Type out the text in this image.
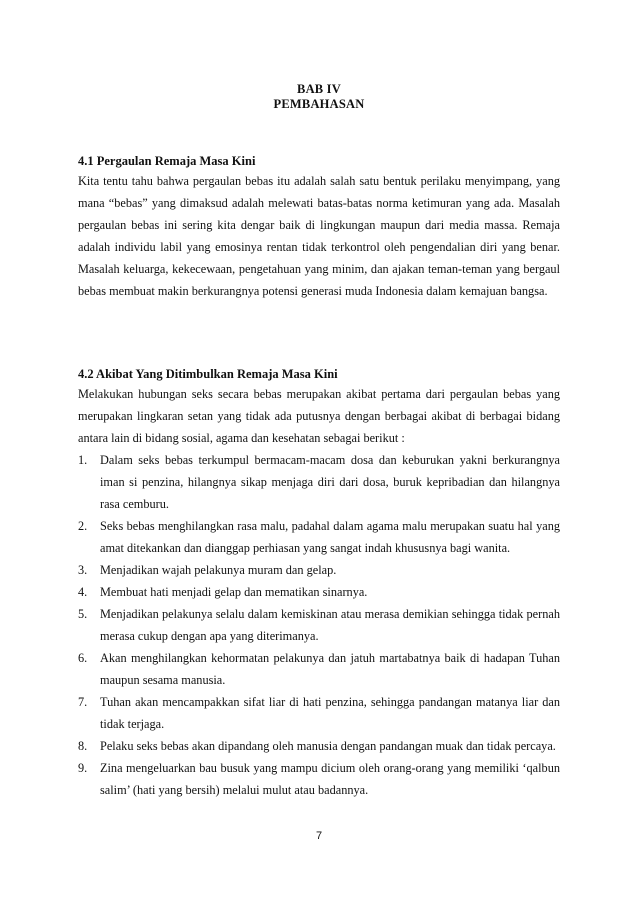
BAB IV
PEMBAHASAN
4.1 Pergaulan Remaja Masa Kini

Kita tentu tahu bahwa pergaulan bebas itu adalah salah satu bentuk perilaku menyimpang, yang mana “bebas” yang dimaksud adalah melewati batas-batas norma ketimuran yang ada. Masalah pergaulan bebas ini sering kita dengar baik di lingkungan maupun dari media massa. Remaja adalah individu labil yang emosinya rentan tidak terkontrol oleh pengendalian diri yang benar. Masalah keluarga, kekecewaan, pengetahuan yang minim, dan ajakan teman-teman yang bergaul bebas membuat makin berkurangnya potensi generasi muda Indonesia dalam kemajuan bangsa.

4.2 Akibat Yang Ditimbulkan Remaja Masa Kini

Melakukan hubungan seks secara bebas merupakan akibat pertama dari pergaulan bebas yang merupakan lingkaran setan yang tidak ada putusnya dengan berbagai akibat di berbagai bidang antara lain di bidang sosial, agama dan kesehatan sebagai berikut :

1. Dalam seks bebas terkumpul bermacam-macam dosa dan keburukan yakni berkurangnya iman si penzina, hilangnya sikap menjaga diri dari dosa, buruk kepribadian dan hilangnya rasa cemburu.
2. Seks bebas menghilangkan rasa malu, padahal dalam agama malu merupakan suatu hal yang amat ditekankan dan dianggap perhiasan yang sangat indah khususnya bagi wanita.
3. Menjadikan wajah pelakunya muram dan gelap.
4. Membuat hati menjadi gelap dan mematikan sinarnya.
5. Menjadikan pelakunya selalu dalam kemiskinan atau merasa demikian sehingga tidak pernah merasa cukup dengan apa yang diterimanya.
6. Akan menghilangkan kehormatan pelakunya dan jatuh martabatnya baik di hadapan Tuhan maupun sesama manusia.
7. Tuhan akan mencampakkan sifat liar di hati penzina, sehingga pandangan matanya liar dan tidak terjaga.
8. Pelaku seks bebas akan dipandang oleh manusia dengan pandangan muak dan tidak percaya.
9. Zina mengeluarkan bau busuk yang mampu dicium oleh orang-orang yang memiliki ‘qalbun salim’ (hati yang bersih) melalui mulut atau badannya.
7
